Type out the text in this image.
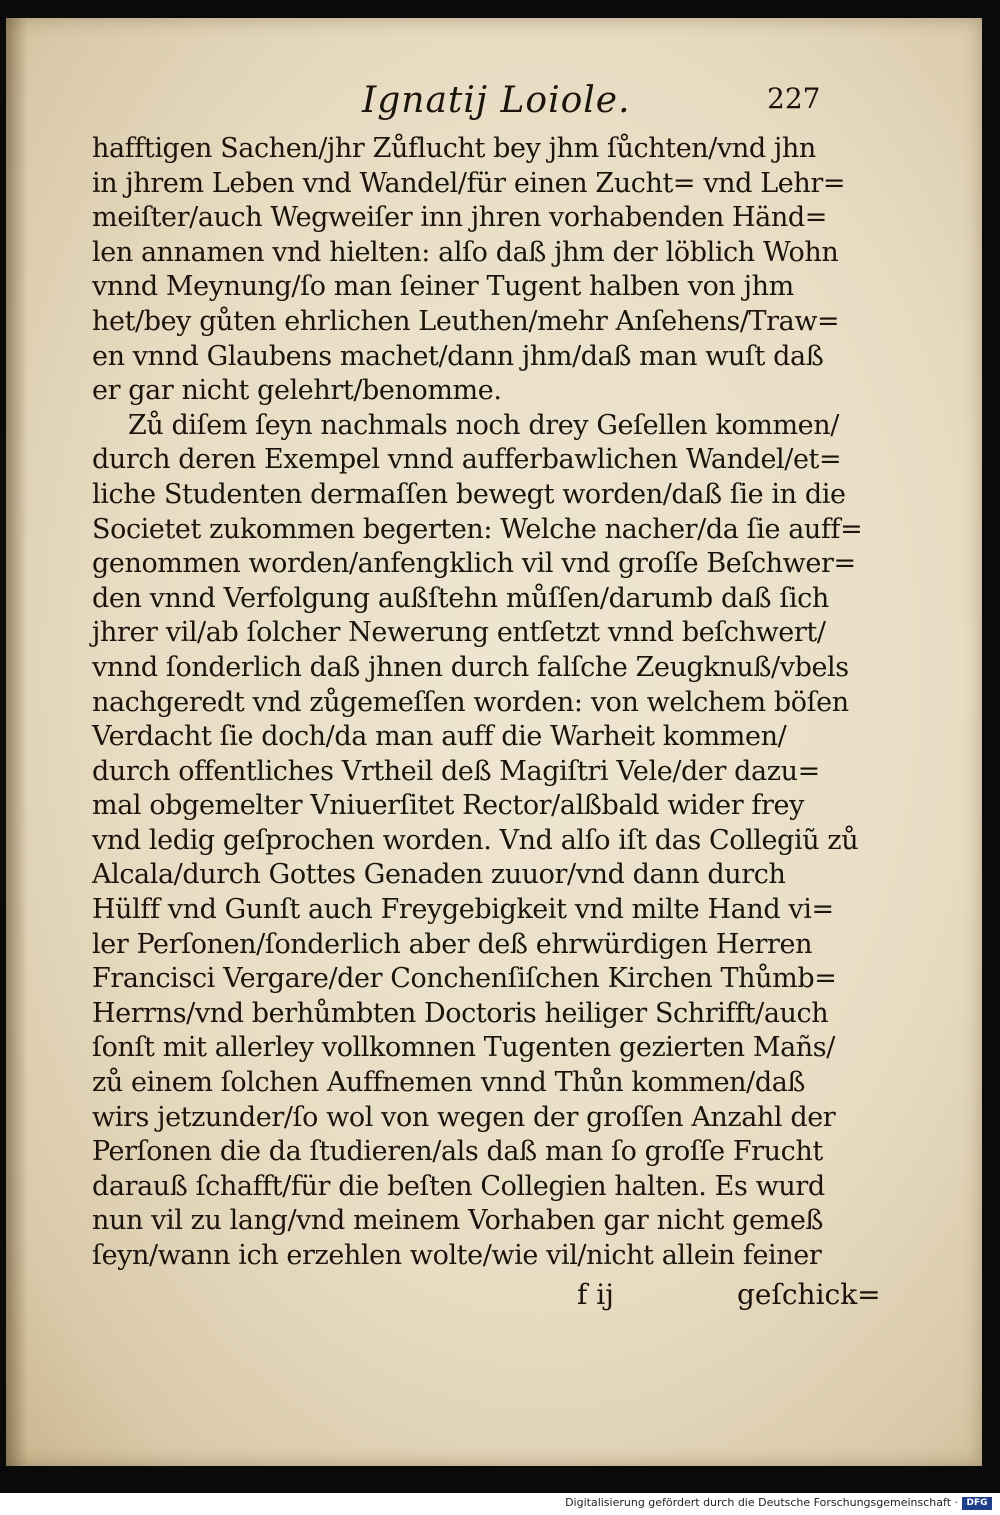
Ignatij Loiole.	227
hafftigen Sachen/jhr Zůflucht bey jhm ſůchten/vnd jhn
in jhrem Leben vnd Wandel/für einen Zucht= vnd Lehr=
meiſter/auch Wegweiſer inn jhren vorhabenden Händ=
len annamen vnd hielten: alſo daß jhm der löblich Wohn
vnnd Meynung/ſo man ſeiner Tugent halben von jhm
het/bey gůten ehrlichen Leuthen/mehr Anſehens/Traw=
en vnnd Glaubens machet/dann jhm/daß man wuſt daß
er gar nicht gelehrt/benomme.
Zů diſem ſeyn nachmals noch drey Geſellen kommen/
durch deren Exempel vnnd aufferbawlichen Wandel/et=
liche Studenten dermaſſen bewegt worden/daß ſie in die
Societet zukommen begerten: Welche nacher/da ſie auff=
genommen worden/anfengklich vil vnd groſſe Beſchwer=
den vnnd Verfolgung außſtehn můſſen/darumb daß ſich
jhrer vil/ab ſolcher Newerung entſetzt vnnd beſchwert/
vnnd ſonderlich daß jhnen durch falſche Zeugknuß/vbels
nachgeredt vnd zůgemeſſen worden: von welchem böſen
Verdacht ſie doch/da man auff die Warheit kommen/
durch offentliches Vrtheil deß Magiſtri Vele/der dazu=
mal obgemelter Vniuerſitet Rector/alßbald wider frey
vnd ledig geſprochen worden. Vnd alſo iſt das Collegiũ zů
Alcala/durch Gottes Genaden zuuor/vnd dann durch
Hülff vnd Gunſt auch Freygebigkeit vnd milte Hand vi=
ler Perſonen/ſonderlich aber deß ehrwürdigen Herren
Francisci Vergare/der Conchenſiſchen Kirchen Thůmb=
Herrns/vnd berhůmbten Doctoris heiliger Schrifft/auch
ſonſt mit allerley vollkomnen Tugenten gezierten Mañs/
zů einem ſolchen Auffnemen vnnd Thůn kommen/daß
wirs jetzunder/ſo wol von wegen der groſſen Anzahl der
Perſonen die da ſtudieren/als daß man ſo groſſe Frucht
darauß ſchafft/für die beſten Collegien halten. Es wurd
nun vil zu lang/vnd meinem Vorhaben gar nicht gemeß
ſeyn/wann ich erzehlen wolte/wie vil/nicht allein feiner
f ij	geſchick=
Digitalisierung gefördert durch die Deutsche Forschungsgemeinschaft · DFG
